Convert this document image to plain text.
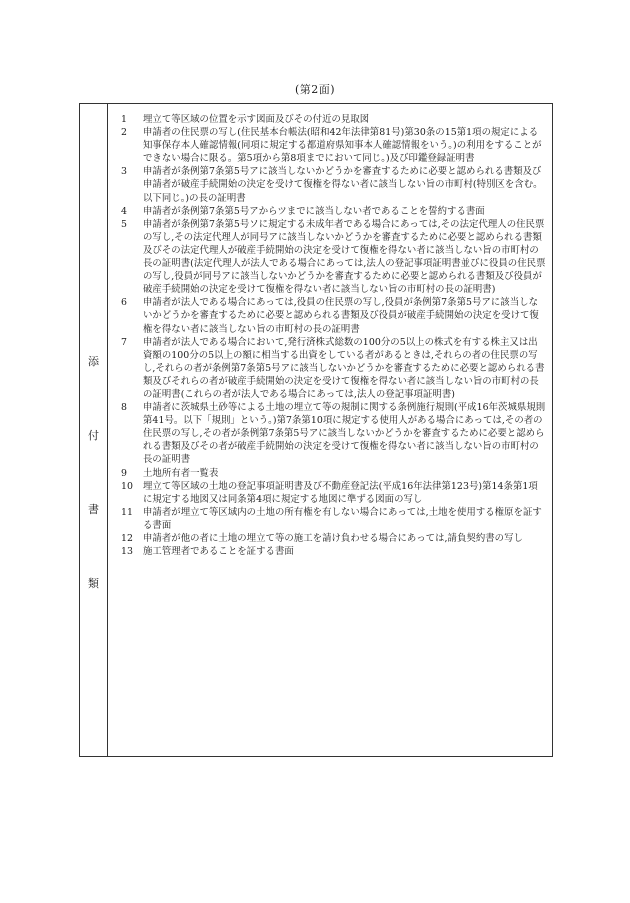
(第2面)
添
付
書
類

1 埋立て等区域の位置を示す図面及びその付近の見取図

2 申請者の住民票の写し(住民基本台帳法(昭和42年法律第81号)第30条の15第1項の規定による知事保存本人確認情報(同項に規定する都道府県知事本人確認情報をいう。)の利用をすることができない場合に限る。第5項から第8項までにおいて同じ。)及び印鑑登録証明書

3 申請者が条例第7条第5号アに該当しないかどうかを審査するために必要と認められる書類及び申請者が破産手続開始の決定を受けて復権を得ない者に該当しない旨の市町村(特別区を含む。以下同じ。)の長の証明書

4 申請者が条例第7条第5号アからツまでに該当しない者であることを誓約する書面

5 申請者が条例第7条第5号ソに規定する未成年者である場合にあっては,その法定代理人の住民票の写し,その法定代理人が同号アに該当しないかどうかを審査するために必要と認められる書類及びその法定代理人が破産手続開始の決定を受けて復権を得ない者に該当しない旨の市町村の長の証明書(法定代理人が法人である場合にあっては,法人の登記事項証明書並びに役員の住民票の写し,役員が同号アに該当しないかどうかを審査するために必要と認められる書類及び役員が破産手続開始の決定を受けて復権を得ない者に該当しない旨の市町村の長の証明書)

6 申請者が法人である場合にあっては,役員の住民票の写し,役員が条例第7条第5号アに該当しないかどうかを審査するために必要と認められる書類及び役員が破産手続開始の決定を受けて復権を得ない者に該当しない旨の市町村の長の証明書

7 申請者が法人である場合において,発行済株式総数の100分の5以上の株式を有する株主又は出資額の100分の5以上の額に相当する出資をしている者があるときは,それらの者の住民票の写し,それらの者が条例第7条第5号アに該当しないかどうかを審査するために必要と認められる書類及びそれらの者が破産手続開始の決定を受けて復権を得ない者に該当しない旨の市町村の長の証明書(これらの者が法人である場合にあっては,法人の登記事項証明書)

8 申請者に茨城県土砂等による土地の埋立て等の規制に関する条例施行規則(平成16年茨城県規則第41号。以下「規則」という。)第7条第10項に規定する使用人がある場合にあっては,その者の住民票の写し,その者が条例第7条第5号アに該当しないかどうかを審査するために必要と認められる書類及びその者が破産手続開始の決定を受けて復権を得ない者に該当しない旨の市町村の長の証明書

9 土地所有者一覧表

10 埋立て等区域の土地の登記事項証明書及び不動産登記法(平成16年法律第123号)第14条第1項に規定する地図又は同条第4項に規定する地図に準ずる図面の写し

11 申請者が埋立て等区域内の土地の所有権を有しない場合にあっては,土地を使用する権原を証する書面

12 申請者が他の者に土地の埋立て等の施工を請け負わせる場合にあっては,請負契約書の写し

13 施工管理者であることを証する書面
